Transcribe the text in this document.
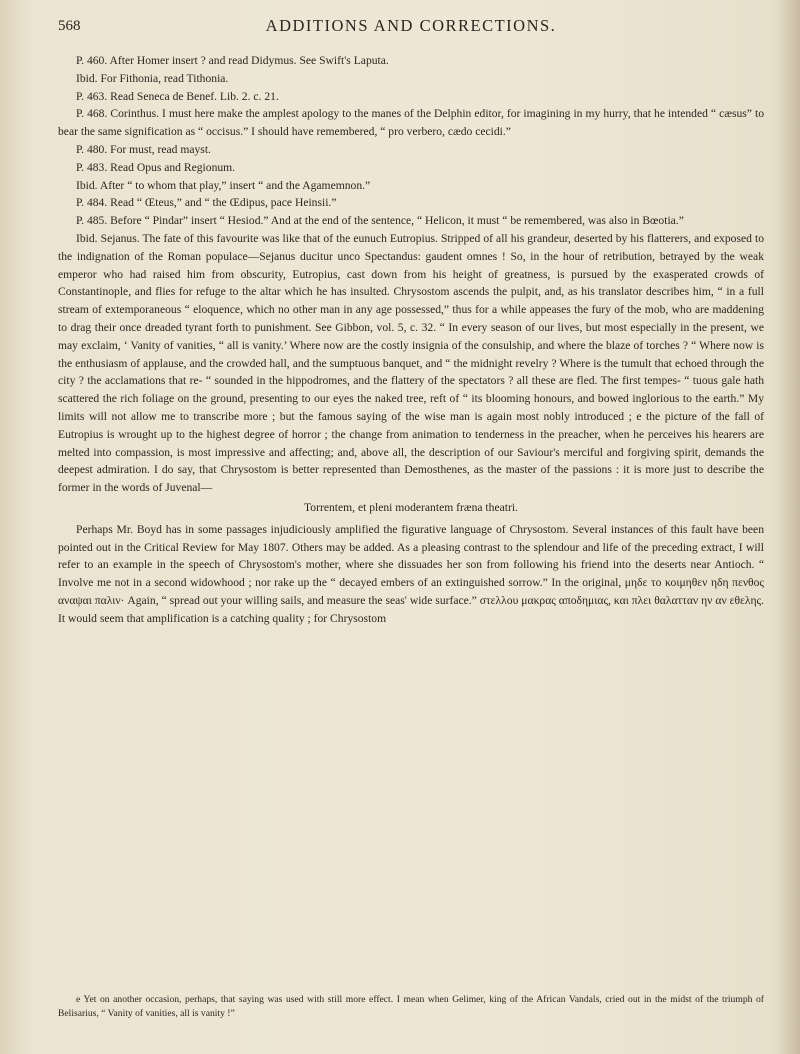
568	ADDITIONS AND CORRECTIONS.

P. 460. After Homer insert ? and read Didymus. See Swift's Laputa.

Ibid. For Fithonia, read Tithonia.

P. 463. Read Seneca de Benef. Lib. 2. c. 21.

P. 468. Corinthus. I must here make the amplest apology to the manes of the Delphin editor, for imagining in my hurry, that he intended “ cæsus” to bear the same signification as “ occisus.” I should have remembered, “ pro verbero, cædo cecidi.”

P. 480. For must, read mayst.

P. 483. Read Opus and Regionum.

Ibid. After “ to whom that play,” insert “ and the Agamemnon.”

P. 484. Read “ Œteus,” and “ the Œdipus, pace Heinsii.”

P. 485. Before “ Pindar” insert “ Hesiod.” And at the end of the sentence, “ Helicon, it must “ be remembered, was also in Bœotia.”

Ibid. Sejanus. The fate of this favourite was like that of the eunuch Eutropius. Stripped of all his grandeur, deserted by his flatterers, and exposed to the indignation of the Roman populace—Sejanus ducitur unco Spectandus: gaudent omnes ! So, in the hour of retribution, betrayed by the weak emperor who had raised him from obscurity, Eutropius, cast down from his height of greatness, is pursued by the exasperated crowds of Constantinople, and flies for refuge to the altar which he has insulted. Chrysostom ascends the pulpit, and, as his translator describes him, “ in a full stream of extemporaneous “ eloquence, which no other man in any age possessed,” thus for a while appeases the fury of the mob, who are maddening to drag their once dreaded tyrant forth to punishment. See Gibbon, vol. 5, c. 32. “ In every season of our lives, but most especially in the present, we may exclaim, ‘ Vanity of vanities, “ all is vanity.’ Where now are the costly insignia of the consulship, and where the blaze of torches ? “ Where now is the enthusiasm of applause, and the crowded hall, and the sumptuous banquet, and “ the midnight revelry ? Where is the tumult that echoed through the city ? the acclamations that re- “ sounded in the hippodromes, and the flattery of the spectators ? all these are fled. The first tempes- “ tuous gale hath scattered the rich foliage on the ground, presenting to our eyes the naked tree, reft of “ its blooming honours, and bowed inglorious to the earth.” My limits will not allow me to transcribe more ; but the famous saying of the wise man is again most nobly introduced ; e the picture of the fall of Eutropius is wrought up to the highest degree of horror ; the change from animation to tenderness in the preacher, when he perceives his hearers are melted into compassion, is most impressive and affecting; and, above all, the description of our Saviour's merciful and forgiving spirit, demands the deepest admiration. I do say, that Chrysostom is better represented than Demosthenes, as the master of the passions : it is more just to describe the former in the words of Juvenal—

Torrentem, et pleni moderantem fræna theatri.

Perhaps Mr. Boyd has in some passages injudiciously amplified the figurative language of Chrysostom. Several instances of this fault have been pointed out in the Critical Review for May 1807. Others may be added. As a pleasing contrast to the splendour and life of the preceding extract, I will refer to an example in the speech of Chrysostom's mother, where she dissuades her son from following his friend into the deserts near Antioch. “ Involve me not in a second widowhood ; nor rake up the “ decayed embers of an extinguished sorrow.” In the original, μηδε το κοιμηθεν ηδη πενθος αναψαι παλιν· Again, “ spread out your willing sails, and measure the seas' wide surface.” στελλου μακρας αποδημιας, και πλει θαλατταν ην αν εθελης. It would seem that amplification is a catching quality ; for Chrysostom

e Yet on another occasion, perhaps, that saying was used with still more effect. I mean when Gelimer, king of the African Vandals, cried out in the midst of the triumph of Belisarius, “ Vanity of vanities, all is vanity !”
